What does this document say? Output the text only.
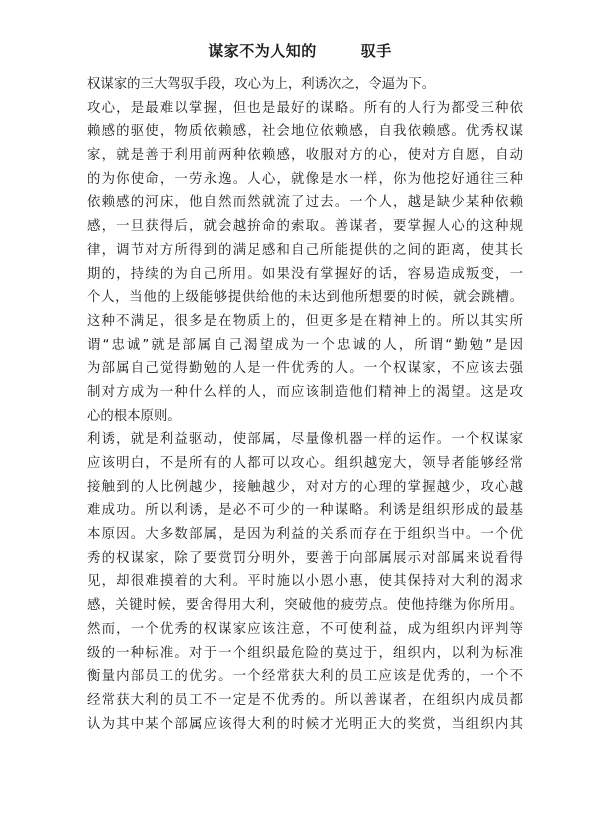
谋家不为人知的	驭手
权谋家的三大驾驭手段，攻心为上，利诱次之，令逼为下。
攻心，是最难以掌握，但也是最好的谋略。所有的人行为都受三种依
赖感的驱使，物质依赖感，社会地位依赖感，自我依赖感。优秀权谋
家，就是善于利用前两种依赖感，收服对方的心，使对方自愿，自动
的为你使命，一劳永逸。人心，就像是水一样，你为他挖好通往三种
依赖感的河床，他自然而然就流了过去。一个人，越是缺少某种依赖
感，一旦获得后，就会越拚命的索取。善谋者，要掌握人心的这种规
律，调节对方所得到的满足感和自己所能提供的之间的距离，使其长
期的，持续的为自己所用。如果没有掌握好的话，容易造成叛变，一
个人，当他的上级能够提供给他的未达到他所想要的时候，就会跳槽。
这种不满足，很多是在物质上的，但更多是在精神上的。所以其实所
谓“忠诚”就是部属自己渴望成为一个忠诚的人，所谓“勤勉”是因
为部属自己觉得勤勉的人是一件优秀的人。一个权谋家，不应该去强
制对方成为一种什么样的人，而应该制造他们精神上的渴望。这是攻
心的根本原则。
利诱，就是利益驱动，使部属，尽量像机器一样的运作。一个权谋家
应该明白，不是所有的人都可以攻心。组织越宠大，领导者能够经常
接触到的人比例越少，接触越少，对对方的心理的掌握越少，攻心越
难成功。所以利诱，是必不可少的一种谋略。利诱是组织形成的最基
本原因。大多数部属，是因为利益的关系而存在于组织当中。一个优
秀的权谋家，除了要赏罚分明外，要善于向部属展示对部属来说看得
见，却很难摸着的大利。平时施以小恩小惠，使其保持对大利的渴求
感，关键时候，要舍得用大利，突破他的疲劳点。使他持继为你所用。
然而，一个优秀的权谋家应该注意，不可使利益，成为组织内评判等
级的一种标准。对于一个组织最危险的莫过于，组织内，以利为标准
衡量内部员工的优劣。一个经常获大利的员工应该是优秀的，一个不
经常获大利的员工不一定是不优秀的。所以善谋者，在组织内成员都
认为其中某个部属应该得大利的时候才光明正大的奖赏，当组织内其
